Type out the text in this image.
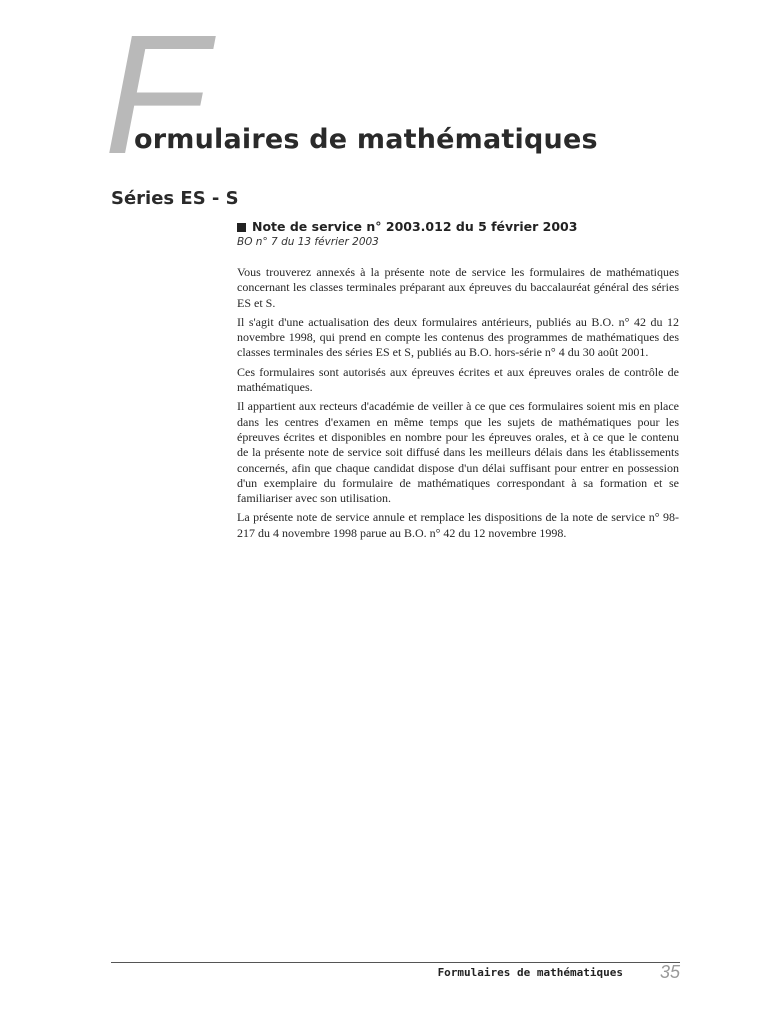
F
ormulaires de mathématiques
Séries ES - S

Note de service n° 2003.012 du 5 février 2003

BO n° 7 du 13 février 2003

Vous trouverez annexés à la présente note de service les formulaires de mathématiques concernant les classes terminales préparant aux épreuves du baccalauréat général des séries ES et S.

Il s'agit d'une actualisation des deux formulaires antérieurs, publiés au B.O. n° 42 du 12 novembre 1998, qui prend en compte les contenus des programmes de mathématiques des classes terminales des séries ES et S, publiés au B.O. hors-série n° 4 du 30 août 2001.

Ces formulaires sont autorisés aux épreuves écrites et aux épreuves orales de contrôle de mathématiques.

Il appartient aux recteurs d'académie de veiller à ce que ces formulaires soient mis en place dans les centres d'examen en même temps que les sujets de mathématiques pour les épreuves écrites et disponibles en nombre pour les épreuves orales, et à ce que le contenu de la présente note de service soit diffusé dans les meilleurs délais dans les établissements concernés, afin que chaque candidat dispose d'un délai suffisant pour entrer en possession d'un exemplaire du formulaire de mathématiques correspondant à sa formation et se familiariser avec son utilisation.

La présente note de service annule et remplace les dispositions de la note de service n° 98-217 du 4 novembre 1998 parue au B.O. n° 42 du 12 novembre 1998.

Formulaires de mathématiques	35
